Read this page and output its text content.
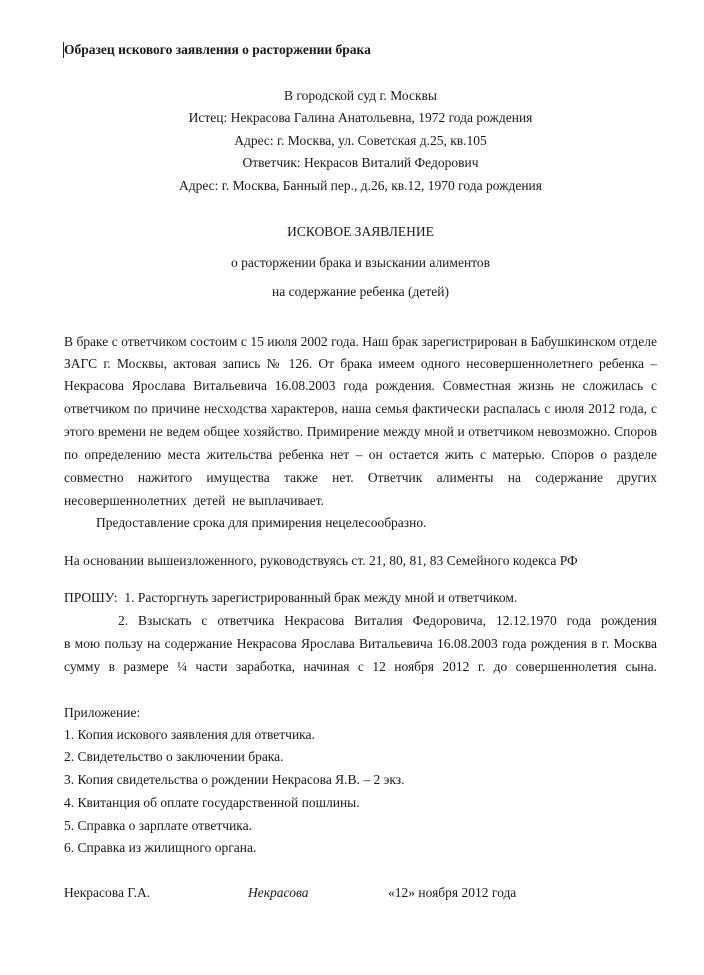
Образец искового заявления о расторжении брака
В городской суд г. Москвы
Истец: Некрасова Галина Анатольевна, 1972 года рождения
Адрес: г. Москва, ул. Советская д.25, кв.105
Ответчик: Некрасов Виталий Федорович
Адрес: г. Москва, Банный пер., д.26, кв.12, 1970 года рождения
ИСКОВОЕ ЗАЯВЛЕНИЕ
о расторжении брака и взыскании алиментов
на содержание ребенка (детей)
В браке с ответчиком состоим с 15 июля 2002 года. Наш брак зарегистрирован в Бабушкинском отделе
ЗАГС г. Москвы, актовая запись № 126. От брака имеем одного несовершеннолетнего ребенка –
Некрасова Ярослава Витальевича 16.08.2003 года рождения. Совместная жизнь не сложилась с
ответчиком по причине несходства характеров, наша семья фактически распалась с июля 2012 года, с
этого времени не ведем общее хозяйство. Примирение между мной и ответчиком невозможно. Споров
по определению места жительства ребенка нет – он остается жить с матерью. Споров о разделе
совместно нажитого имущества также нет. Ответчик алименты на содержание других
несовершеннолетних  детей  не выплачивает.
Предоставление срока для примирения нецелесообразно.
На основании вышеизложенного, руководствуясь ст. 21, 80, 81, 83 Семейного кодекса РФ
ПРОШУ: 1. Расторгнуть зарегистрированный брак между мной и ответчиком.
2. Взыскать с ответчика Некрасова Виталия Федоровича, 12.12.1970 года рождения
в мою пользу на содержание Некрасова Ярослава Витальевича 16.08.2003 года рождения в г. Москва
сумму в размере ¼ части заработка, начиная с 12 ноября 2012 г. до совершеннолетия сына.
Приложение:
1. Копия искового заявления для ответчика.
2. Свидетельство о заключении брака.
3. Копия свидетельства о рождении Некрасова Я.В. – 2 экз.
4. Квитанция об оплате государственной пошлины.
5. Справка о зарплате ответчика.
6. Справка из жилищного органа.
Некрасова Г.А.	Некрасова	«12» ноября 2012 года
